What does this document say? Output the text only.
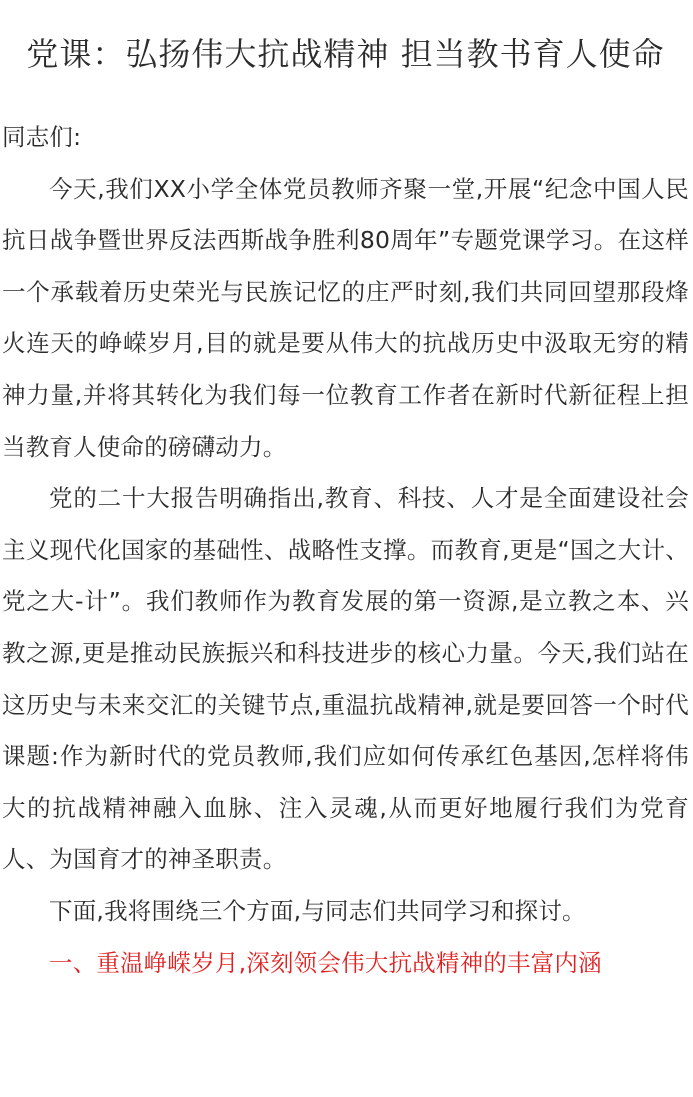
党课：弘扬伟大抗战精神 担当教书育人使命

同志们:

今天,我们XX小学全体党员教师齐聚一堂,开展“纪念中国人民抗日战争暨世界反法西斯战争胜利80周年”专题党课学习。在这样一个承载着历史荣光与民族记忆的庄严时刻,我们共同回望那段烽火连天的峥嵘岁月,目的就是要从伟大的抗战历史中汲取无穷的精神力量,并将其转化为我们每一位教育工作者在新时代新征程上担当教育人使命的磅礴动力。

党的二十大报告明确指出,教育、科技、人才是全面建设社会主义现代化国家的基础性、战略性支撑。而教育,更是“国之大计、党之大-计”。我们教师作为教育发展的第一资源,是立教之本、兴教之源,更是推动民族振兴和科技进步的核心力量。今天,我们站在这历史与未来交汇的关键节点,重温抗战精神,就是要回答一个时代课题:作为新时代的党员教师,我们应如何传承红色基因,怎样将伟大的抗战精神融入血脉、注入灵魂,从而更好地履行我们为党育人、为国育才的神圣职责。

下面,我将围绕三个方面,与同志们共同学习和探讨。

一、重温峥嵘岁月,深刻领会伟大抗战精神的丰富内涵
